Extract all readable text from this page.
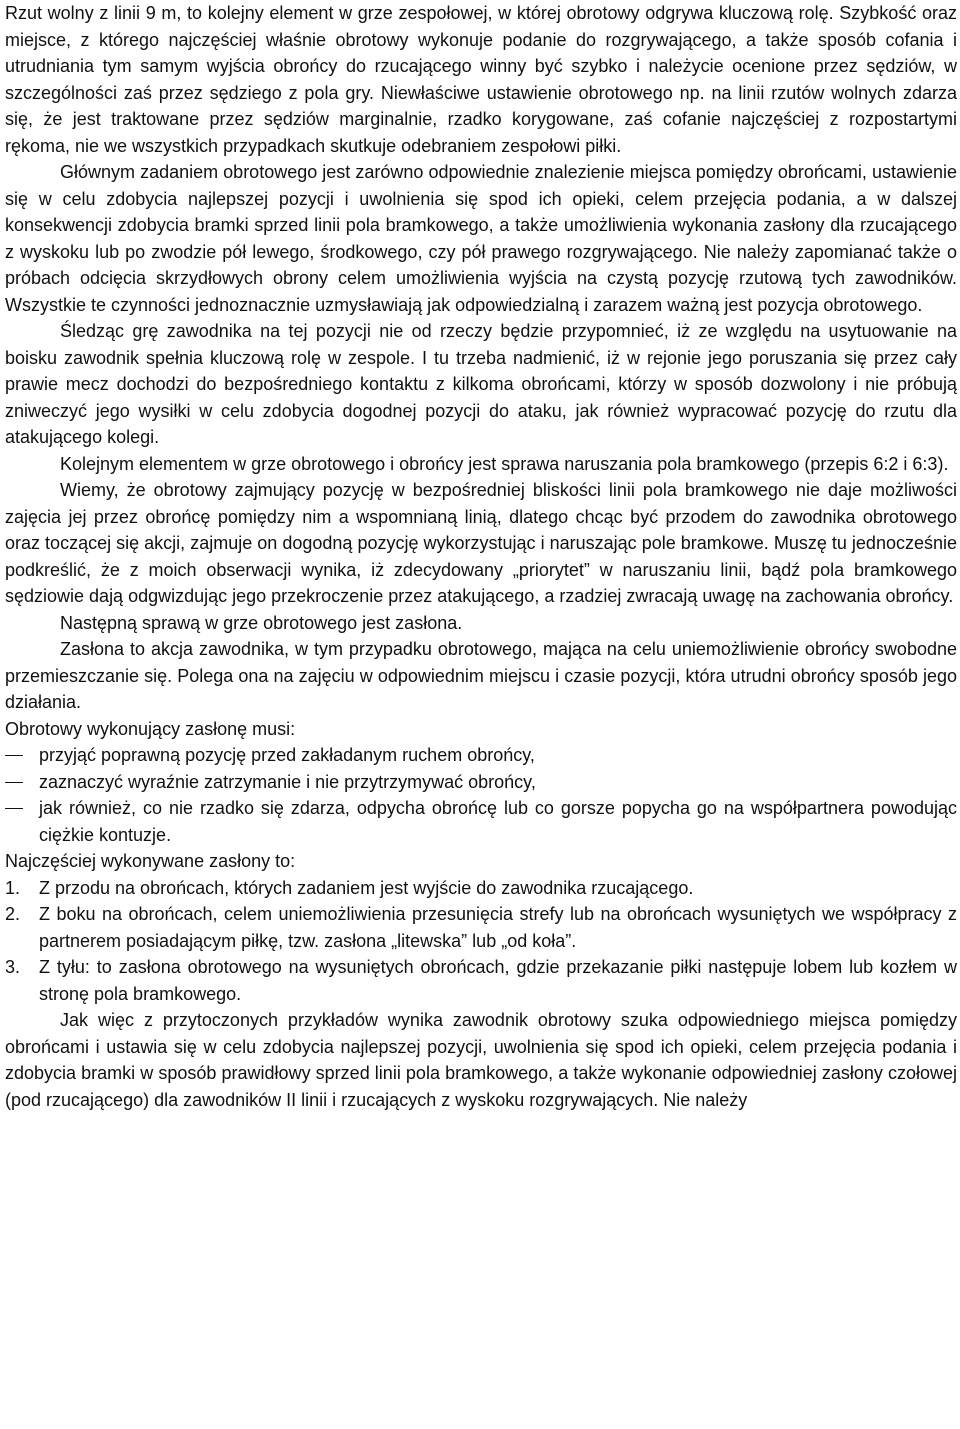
Rzut wolny z linii 9 m, to kolejny element w grze zespołowej, w której obrotowy odgrywa kluczową rolę. Szybkość oraz miejsce, z którego najczęściej właśnie obrotowy wykonuje podanie do rozgrywającego, a także sposób cofania i utrudniania tym samym wyjścia obrońcy do rzucającego winny być szybko i należycie ocenione przez sędziów, w szczególności zaś przez sędziego z pola gry. Niewłaściwe ustawienie obrotowego np. na linii rzutów wolnych zdarza się, że jest traktowane przez sędziów marginalnie, rzadko korygowane, zaś cofanie najczęściej z rozpostartymi rękoma, nie we wszystkich przypadkach skutkuje odebraniem zespołowi piłki.

Głównym zadaniem obrotowego jest zarówno odpowiednie znalezienie miejsca pomiędzy obrońcami, ustawienie się w celu zdobycia najlepszej pozycji i uwolnienia się spod ich opieki, celem przejęcia podania, a w dalszej konsekwencji zdobycia bramki sprzed linii pola bramkowego, a także umożliwienia wykonania zasłony dla rzucającego z wyskoku lub po zwodzie pół lewego, środkowego, czy pół prawego rozgrywającego. Nie należy zapomianać także o próbach odcięcia skrzydłowych obrony celem umożliwienia wyjścia na czystą pozycję rzutową tych zawodników. Wszystkie te czynności jednoznacznie uzmysławiają jak odpowiedzialną i zarazem ważną jest pozycja obrotowego.

Śledząc grę zawodnika na tej pozycji nie od rzeczy będzie przypomnieć, iż ze względu na usytuowanie na boisku zawodnik spełnia kluczową rolę w zespole. I tu trzeba nadmienić, iż w rejonie jego poruszania się przez cały prawie mecz dochodzi do bezpośredniego kontaktu z kilkoma obrońcami, którzy w sposób dozwolony i nie próbują zniweczyć jego wysiłki w celu zdobycia dogodnej pozycji do ataku, jak również wypracować pozycję do rzutu dla atakującego kolegi.

Kolejnym elementem w grze obrotowego i obrońcy jest sprawa naruszania pola bramkowego (przepis 6:2 i 6:3).

Wiemy, że obrotowy zajmujący pozycję w bezpośredniej bliskości linii pola bramkowego nie daje możliwości zajęcia jej przez obrońcę pomiędzy nim a wspomnianą linią, dlatego chcąc być przodem do zawodnika obrotowego oraz toczącej się akcji, zajmuje on dogodną pozycję wykorzystując i naruszając pole bramkowe. Muszę tu jednocześnie podkreślić, że z moich obserwacji wynika, iż zdecydowany „priorytet” w naruszaniu linii, bądź pola bramkowego sędziowie dają odgwizdując jego przekroczenie przez atakującego, a rzadziej zwracają uwagę na zachowania obrońcy.

Następną sprawą w grze obrotowego jest zasłona.

Zasłona to akcja zawodnika, w tym przypadku obrotowego, mająca na celu uniemożliwienie obrońcy swobodne przemieszczanie się. Polega ona na zajęciu w odpowiednim miejscu i czasie pozycji, która utrudni obrońcy sposób jego działania.

Obrotowy wykonujący zasłonę musi:

przyjąć poprawną pozycję przed zakładanym ruchem obrońcy,
zaznaczyć wyraźnie zatrzymanie i nie przytrzymywać obrońcy,
jak również, co nie rzadko się zdarza, odpycha obrońcę lub co gorsze popycha go na współpartnera powodując ciężkie kontuzje.

Najczęściej wykonywane zasłony to:

1.	Z przodu na obrońcach, których zadaniem jest wyjście do zawodnika rzucającego.
2.	Z boku na obrońcach, celem uniemożliwienia przesunięcia strefy lub na obrońcach wysuniętych we współpracy z partnerem posiadającym piłkę, tzw. zasłona „litewska” lub „od koła”.
3.	Z tyłu: to zasłona obrotowego na wysuniętych obrońcach, gdzie przekazanie piłki następuje lobem lub kozłem w stronę pola bramkowego.

Jak więc z przytoczonych przykładów wynika zawodnik obrotowy szuka odpowiedniego miejsca pomiędzy obrońcami i ustawia się w celu zdobycia najlepszej pozycji, uwolnienia się spod ich opieki, celem przejęcia podania i zdobycia bramki w sposób prawidłowy sprzed linii pola bramkowego, a także wykonanie odpowiedniej zasłony czołowej (pod rzucającego) dla zawodników II linii i rzucających z wyskoku rozgrywających. Nie należy
